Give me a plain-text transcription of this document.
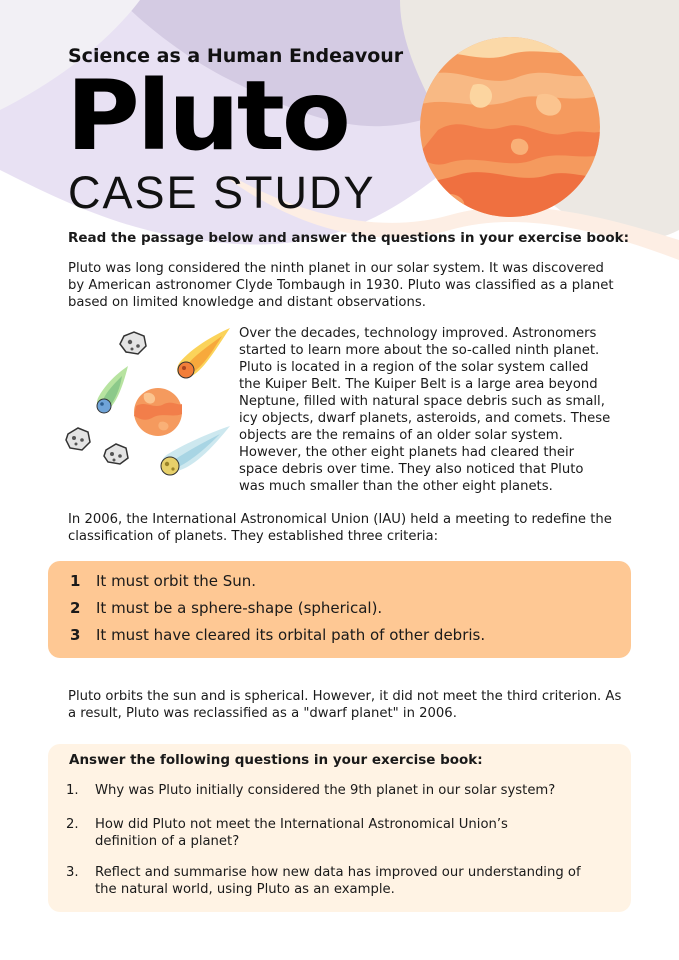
Science as a Human Endeavour

Pluto
CASE STUDY

Read the passage below and answer the questions in your exercise book:

Pluto was long considered the ninth planet in our solar system. It was discovered by American astronomer Clyde Tombaugh in 1930. Pluto was classified as a planet based on limited knowledge and distant observations.

Over the decades, technology improved. Astronomers started to learn more about the so-called ninth planet. Pluto is located in a region of the solar system called the Kuiper Belt. The Kuiper Belt is a large area beyond Neptune, filled with natural space debris such as small, icy objects, dwarf planets, asteroids, and comets. These objects are the remains of an older solar system. However, the other eight planets had cleared their space debris over time. They also noticed that Pluto was much smaller than the other eight planets.

In 2006, the International Astronomical Union (IAU) held a meeting to redefine the classification of planets. They established three criteria:

1 It must orbit the Sun.
2 It must be a sphere-shape (spherical).
3 It must have cleared its orbital path of other debris.

Pluto orbits the sun and is spherical. However, it did not meet the third criterion. As a result, Pluto was reclassified as a "dwarf planet" in 2006.

Answer the following questions in your exercise book:

1. Why was Pluto initially considered the 9th planet in our solar system?
2. How did Pluto not meet the International Astronomical Union’s definition of a planet?
3. Reflect and summarise how new data has improved our understanding of the natural world, using Pluto as an example.
